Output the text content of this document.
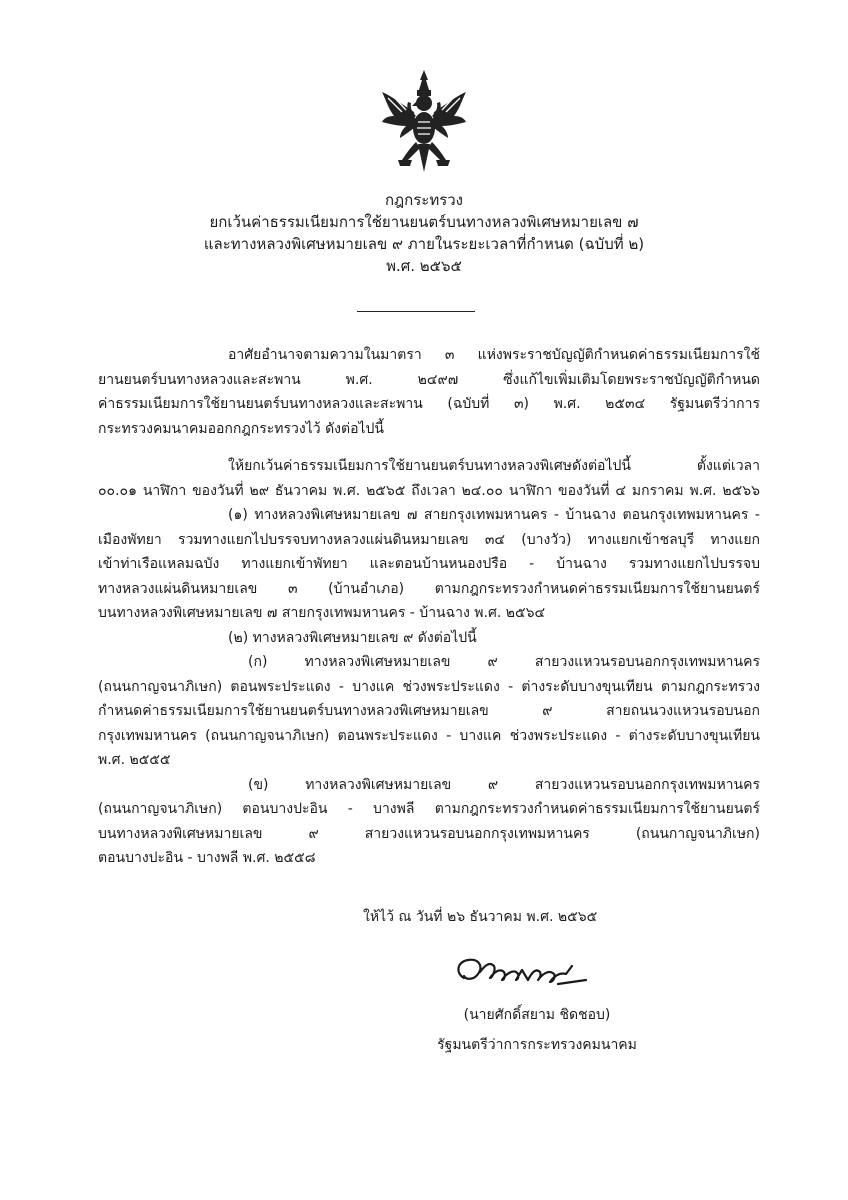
กฎกระทรวง
ยกเว้นค่าธรรมเนียมการใช้ยานยนตร์บนทางหลวงพิเศษหมายเลข ๗
และทางหลวงพิเศษหมายเลข ๙ ภายในระยะเวลาที่กำหนด (ฉบับที่ ๒)
พ.ศ. ๒๕๖๕
อาศัยอำนาจตามความในมาตรา ๓ แห่งพระราชบัญญัติกำหนดค่าธรรมเนียมการใช้
ยานยนตร์บนทางหลวงและสะพาน พ.ศ. ๒๔๙๗ ซึ่งแก้ไขเพิ่มเติมโดยพระราชบัญญัติกำหนด
ค่าธรรมเนียมการใช้ยานยนตร์บนทางหลวงและสะพาน (ฉบับที่ ๓) พ.ศ. ๒๕๓๔ รัฐมนตรีว่าการ
กระทรวงคมนาคมออกกฎกระทรวงไว้ ดังต่อไปนี้
ให้ยกเว้นค่าธรรมเนียมการใช้ยานยนตร์บนทางหลวงพิเศษดังต่อไปนี้ ตั้งแต่เวลา
๐๐.๐๑ นาฬิกา ของวันที่ ๒๙ ธันวาคม พ.ศ. ๒๕๖๕ ถึงเวลา ๒๔.๐๐ นาฬิกา ของวันที่ ๔ มกราคม พ.ศ. ๒๕๖๖
(๑) ทางหลวงพิเศษหมายเลข ๗ สายกรุงเทพมหานคร - บ้านฉาง ตอนกรุงเทพมหานคร -
เมืองพัทยา รวมทางแยกไปบรรจบทางหลวงแผ่นดินหมายเลข ๓๔ (บางวัว) ทางแยกเข้าชลบุรี ทางแยก
เข้าท่าเรือแหลมฉบัง ทางแยกเข้าพัทยา และตอนบ้านหนองปรือ - บ้านฉาง รวมทางแยกไปบรรจบ
ทางหลวงแผ่นดินหมายเลข ๓ (บ้านอำเภอ) ตามกฎกระทรวงกำหนดค่าธรรมเนียมการใช้ยานยนตร์
บนทางหลวงพิเศษหมายเลข ๗ สายกรุงเทพมหานคร - บ้านฉาง พ.ศ. ๒๕๖๔
(๒) ทางหลวงพิเศษหมายเลข ๙ ดังต่อไปนี้
(ก) ทางหลวงพิเศษหมายเลข ๙ สายวงแหวนรอบนอกกรุงเทพมหานคร
(ถนนกาญจนาภิเษก) ตอนพระประแดง - บางแค ช่วงพระประแดง - ต่างระดับบางขุนเทียน ตามกฎกระทรวง
กำหนดค่าธรรมเนียมการใช้ยานยนตร์บนทางหลวงพิเศษหมายเลข ๙ สายถนนวงแหวนรอบนอก
กรุงเทพมหานคร (ถนนกาญจนาภิเษก) ตอนพระประแดง - บางแค ช่วงพระประแดง - ต่างระดับบางขุนเทียน
พ.ศ. ๒๕๕๕
(ข) ทางหลวงพิเศษหมายเลข ๙ สายวงแหวนรอบนอกกรุงเทพมหานคร
(ถนนกาญจนาภิเษก) ตอนบางปะอิน - บางพลี ตามกฎกระทรวงกำหนดค่าธรรมเนียมการใช้ยานยนตร์
บนทางหลวงพิเศษหมายเลข ๙ สายวงแหวนรอบนอกกรุงเทพมหานคร (ถนนกาญจนาภิเษก)
ตอนบางปะอิน - บางพลี พ.ศ. ๒๕๕๘
ให้ไว้ ณ วันที่ ๒๖ ธันวาคม พ.ศ. ๒๕๖๕
(นายศักดิ์สยาม ชิดชอบ)
รัฐมนตรีว่าการกระทรวงคมนาคม
